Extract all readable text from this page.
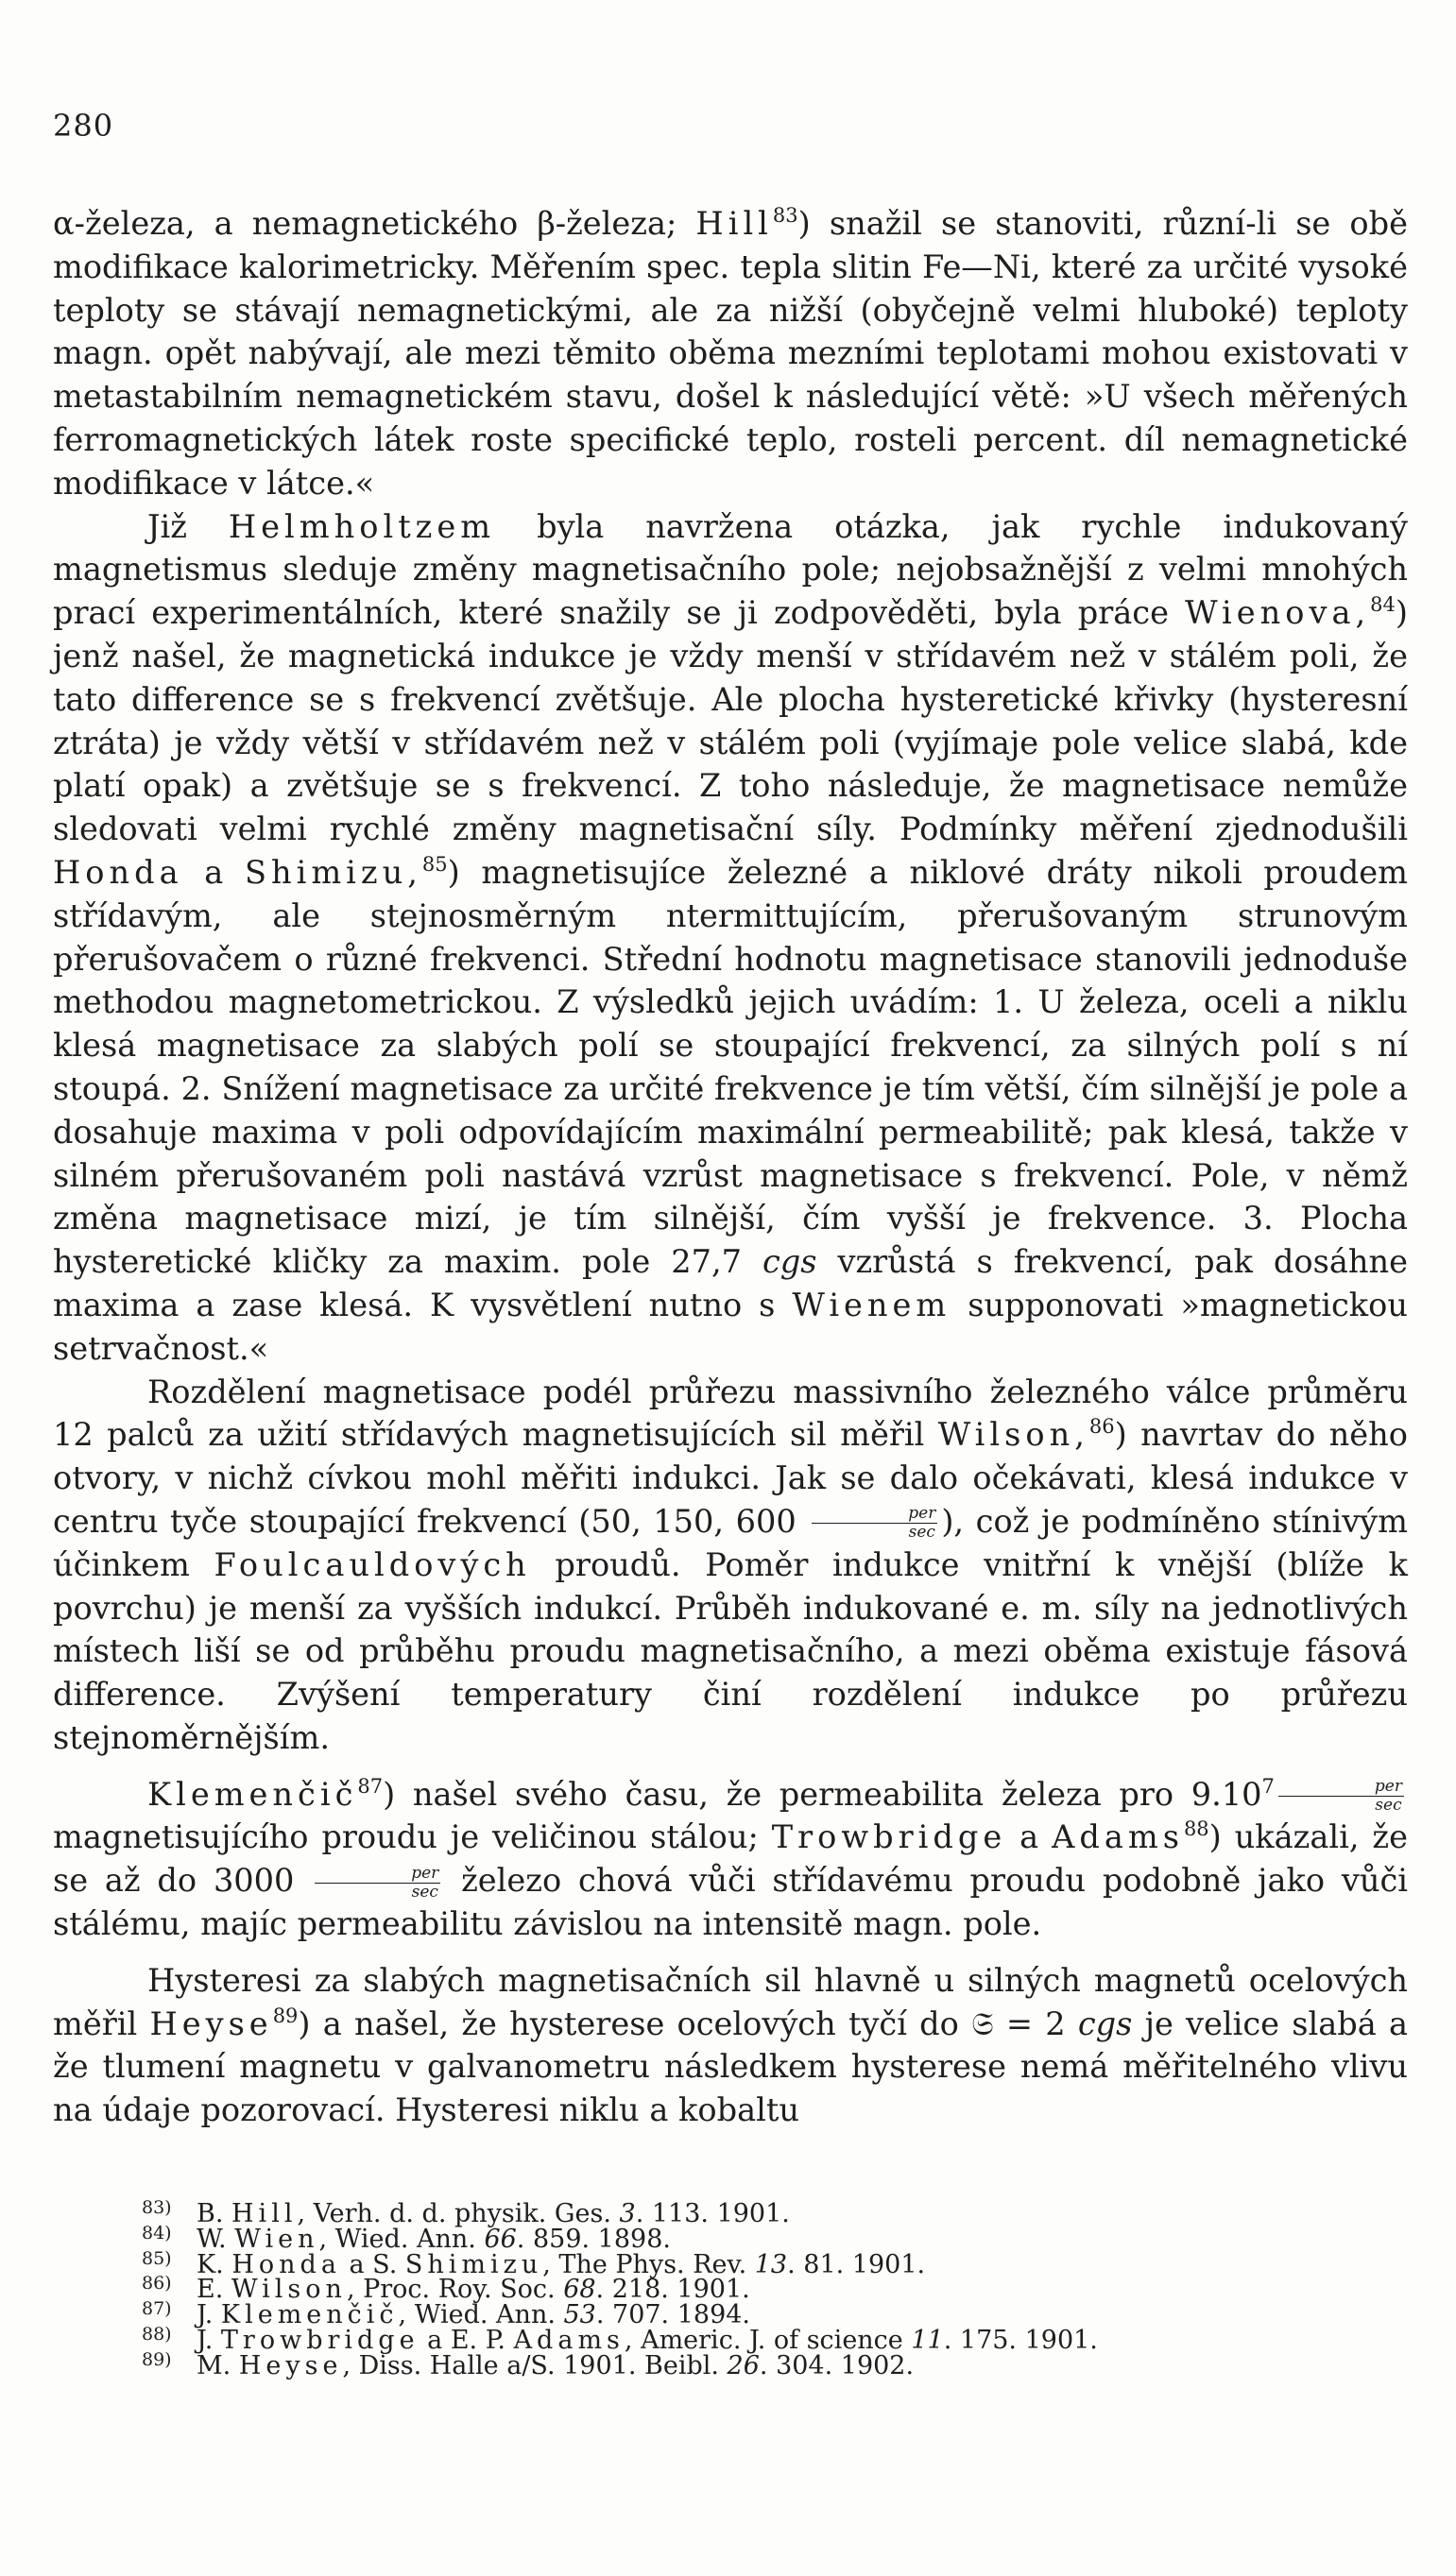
280

α-železa, a nemagnetického β-železa; Hill$^{83}$) snažil se stanoviti, různí-li se obě modifikace kalorimetricky. Měřením spec. tepla slitin Fe—Ni, které za určité vysoké teploty se stávají nemagnetickými, ale za nižší (obyčejně velmi hluboké) teploty magn. opět nabývají, ale mezi těmito oběma mezními teplotami mohou existovati v metastabilním nemagnetickém stavu, došel k následující větě: »U všech měřených ferromagnetických látek roste specifické teplo, rosteli percent. díl nemagnetické modifikace v látce.«

Již Helmholtzem byla navržena otázka, jak rychle indukovaný magnetismus sleduje změny magnetisačního pole; nejobsažnější z velmi mnohých prací experimentálních, které snažily se ji zodpověděti, byla práce Wienova,$^{84}$) jenž našel, že magnetická indukce je vždy menší v střídavém než v stálém poli, že tato difference se s frekvencí zvětšuje. Ale plocha hysteretické křivky (hysteresní ztráta) je vždy větší v střídavém než v stálém poli (vyjímaje pole velice slabá, kde platí opak) a zvětšuje se s frekvencí. Z toho následuje, že magnetisace nemůže sledovati velmi rychlé změny magnetisační síly. Podmínky měření zjednodušili Honda a Shimizu,$^{85}$) magnetisujíce železné a niklové dráty nikoli proudem střídavým, ale stejnosměrným ntermittujícím, přerušovaným strunovým přerušovačem o různé frekvenci. Střední hodnotu magnetisace stanovili jednoduše methodou magnetometrickou. Z výsledků jejich uvádím: 1. U železa, oceli a niklu klesá magnetisace za slabých polí se stoupající frekvencí, za silných polí s ní stoupá. 2. Snížení magnetisace za určité frekvence je tím větší, čím silnější je pole a dosahuje maxima v poli odpovídajícím maximální permeabilitě; pak klesá, takže v silném přerušovaném poli nastává vzrůst magnetisace s frekvencí. Pole, v němž změna magnetisace mizí, je tím silnější, čím vyšší je frekvence. 3. Plocha hysteretické kličky za maxim. pole 27,7 cgs vzrůstá s frekvencí, pak dosáhne maxima a zase klesá. K vysvětlení nutno s Wienem supponovati »magnetickou setrvačnost.«

Rozdělení magnetisace podél průřezu massivního železného válce průměru 12 palců za užití střídavých magnetisujících sil měřil Wilson,$^{86}$) navrtav do něho otvory, v nichž cívkou mohl měřiti indukci. Jak se dalo očekávati, klesá indukce v centru tyče stoupající frekvencí (50, 150, $600 \frac{\text{per}}{\sec}$ ), což je podmíněno stínivým účinkem Foulcauldových proudů. Poměr indukce vnitřní k vnější (blíže k povrchu) je menší za vyšších indukcí. Průběh indukované e. m. síly na jednotlivých místech liší se od průběhu proudu magnetisačního, a mezi oběma existuje fásová difference. Zvýšení temperatury činí rozdělení indukce po průřezu stejnoměrnějším.

Klemenčič$^{87}$) našel svého času, že permeabilita železa pro $9.10^7 \frac{\text{per}}{\sec}$
magnetisujícího proudu je veličinou stálou; Trowbridge a Adams$^{88}$) ukázali, že se až do $3000 \frac{\text{per}}{\sec}$ železo chová vůči střídavému proudu podobně jako vůči stálému, majíc permeabilitu závislou na intensitě magn. pole.

Hysteresi za slabých magnetisačních sil hlavně u silných magnetů ocelových měřil Heyse$^{89}$) a našel, že hysterese ocelových tyčí do 𝔖 = 2 cgs je velice slabá a že tlumení magnetu v galvanometru následkem hysterese nemá měřitelného vlivu na údaje pozorovací. Hysteresi niklu a kobaltu

83) B. Hill, Verh. d. d. physik. Ges. 3. 113. 1901.
84) W. Wien, Wied. Ann. 66. 859. 1898.
85) K. Honda a S. Shimizu, The Phys. Rev. 13. 81. 1901.
86) E. Wilson, Proc. Roy. Soc. 68. 218. 1901.
87) J. Klemenčič, Wied. Ann. 53. 707. 1894.
88) J. Trowbridge a E. P. Adams, Americ. J. of science 11. 175. 1901.
89) M. Heyse, Diss. Halle a/S. 1901. Beibl. 26. 304. 1902.
